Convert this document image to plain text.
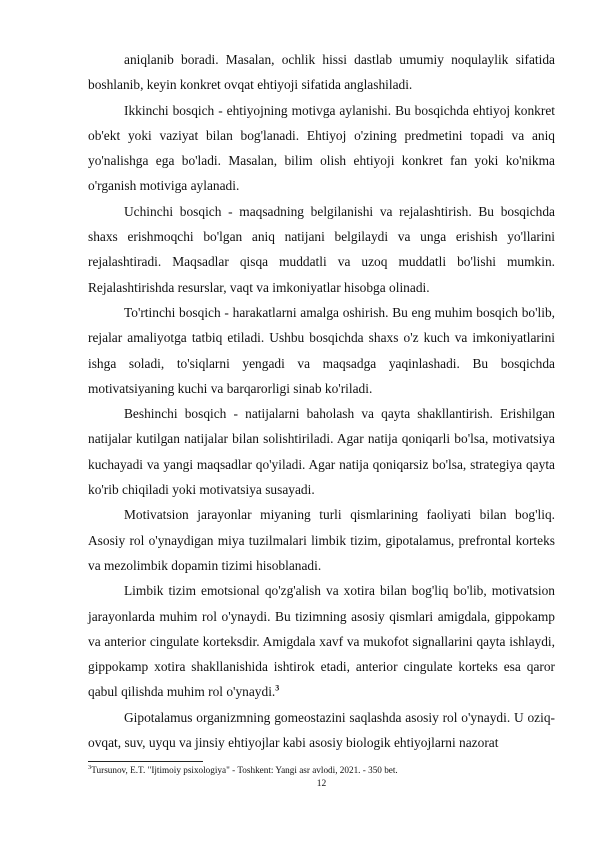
aniqlanib boradi. Masalan, ochlik hissi dastlab umumiy noqulaylik sifatida boshlanib, keyin konkret ovqat ehtiyoji sifatida anglashiladi.

Ikkinchi bosqich - ehtiyojning motivga aylanishi. Bu bosqichda ehtiyoj konkret ob'ekt yoki vaziyat bilan bog'lanadi. Ehtiyoj o'zining predmetini topadi va aniq yo'nalishga ega bo'ladi. Masalan, bilim olish ehtiyoji konkret fan yoki ko'nikma o'rganish motiviga aylanadi.

Uchinchi bosqich - maqsadning belgilanishi va rejalashtirish. Bu bosqichda shaxs erishmoqchi bo'lgan aniq natijani belgilaydi va unga erishish yo'llarini rejalashtiradi. Maqsadlar qisqa muddatli va uzoq muddatli bo'lishi mumkin. Rejalashtirishda resurslar, vaqt va imkoniyatlar hisobga olinadi.

To'rtinchi bosqich - harakatlarni amalga oshirish. Bu eng muhim bosqich bo'lib, rejalar amaliyotga tatbiq etiladi. Ushbu bosqichda shaxs o'z kuch va imkoniyatlarini ishga soladi, to'siqlarni yengadi va maqsadga yaqinlashadi. Bu bosqichda motivatsiyaning kuchi va barqarorligi sinab ko'riladi.

Beshinchi bosqich - natijalarni baholash va qayta shakllantirish. Erishilgan natijalar kutilgan natijalar bilan solishtiriladi. Agar natija qoniqarli bo'lsa, motivatsiya kuchayadi va yangi maqsadlar qo'yiladi. Agar natija qoniqarsiz bo'lsa, strategiya qayta ko'rib chiqiladi yoki motivatsiya susayadi.

Motivatsion jarayonlar miyaning turli qismlarining faoliyati bilan bog'liq. Asosiy rol o'ynaydigan miya tuzilmalari limbik tizim, gipotalamus, prefrontal korteks va mezolimbik dopamin tizimi hisoblanadi.

Limbik tizim emotsional qo'zg'alish va xotira bilan bog'liq bo'lib, motivatsion jarayonlarda muhim rol o'ynaydi. Bu tizimning asosiy qismlari amigdala, gippokamp va anterior cingulate korteksdir. Amigdala xavf va mukofot signallarini qayta ishlaydi, gippokamp xotira shakllanishida ishtirok etadi, anterior cingulate korteks esa qaror qabul qilishda muhim rol o'ynaydi.$^3$

Gipotalamus organizmning gomeostazini saqlashda asosiy rol o'ynaydi. U oziq-ovqat, suv, uyqu va jinsiy ehtiyojlar kabi asosiy biologik ehtiyojlarni nazorat

$^3$Tursunov, E.T. "Ijtimoiy psixologiya" - Toshkent: Yangi asr avlodi, 2021. - 350 bet.
12
